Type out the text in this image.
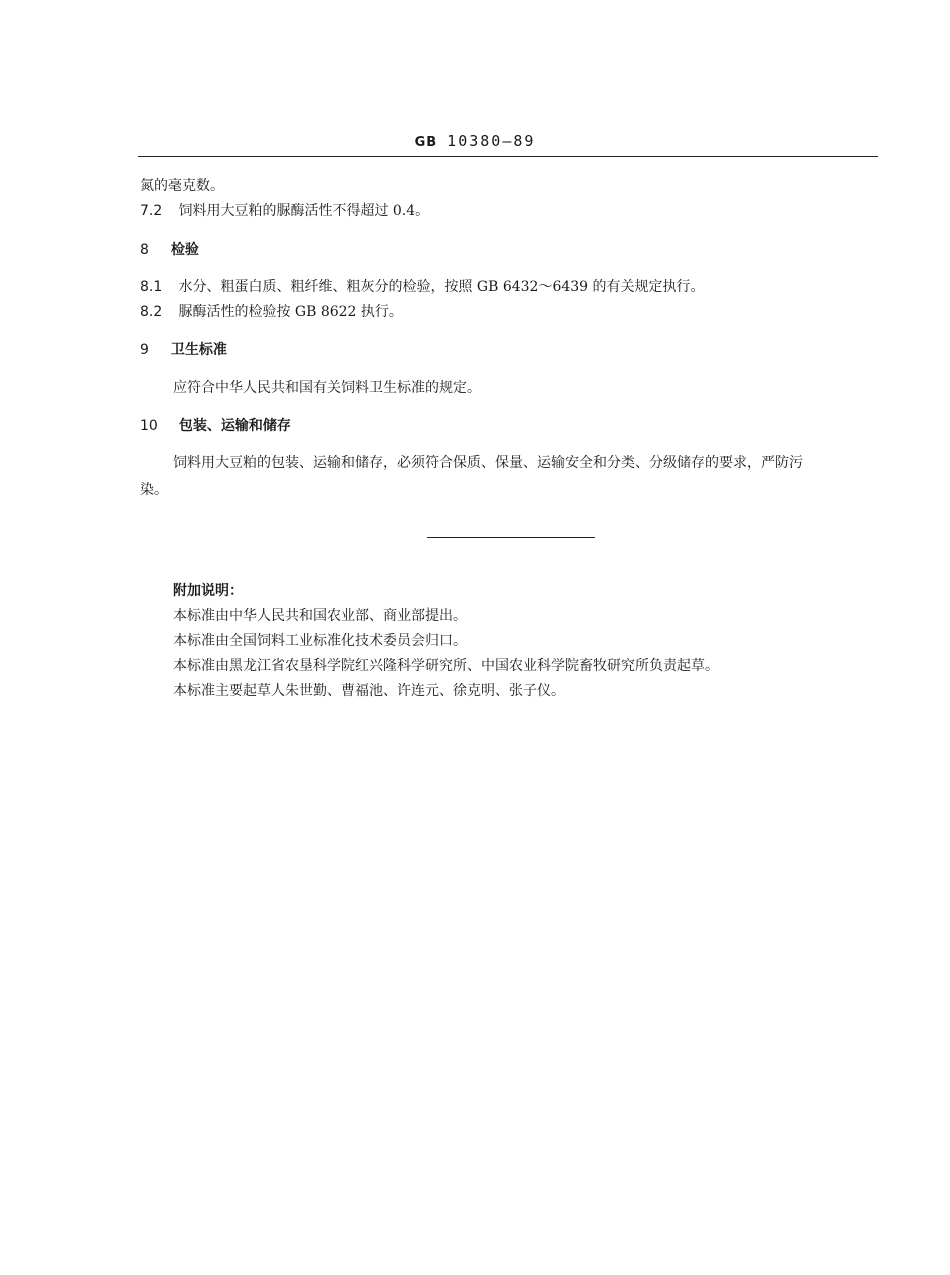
GB 10380—89
氮的毫克数。
7.2 饲料用大豆粕的脲酶活性不得超过 0.4。
8 检验
8.1 水分、粗蛋白质、粗纤维、粗灰分的检验，按照 GB 6432～6439 的有关规定执行。
8.2 脲酶活性的检验按 GB 8622 执行。
9 卫生标准
应符合中华人民共和国有关饲料卫生标准的规定。
10 包装、运输和储存
饲料用大豆粕的包装、运输和储存，必须符合保质、保量、运输安全和分类、分级储存的要求，严防污
染。
附加说明：
本标准由中华人民共和国农业部、商业部提出。
本标准由全国饲料工业标准化技术委员会归口。
本标准由黑龙江省农垦科学院红兴隆科学研究所、中国农业科学院畜牧研究所负责起草。
本标准主要起草人朱世勤、曹福池、许连元、徐克明、张子仪。
